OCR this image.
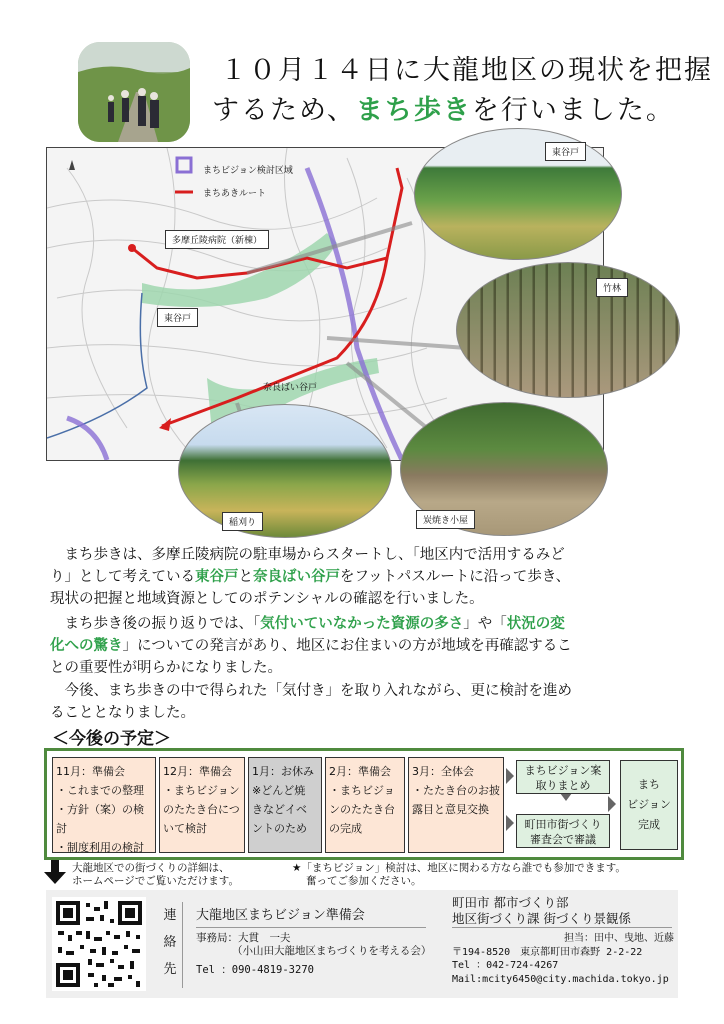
１０月１４日に大龍地区の現状を把握
するため、まち歩きを行いました。
まちビジョン検討区域
まちあきルート
多摩丘陵病院（新棟）
東谷戸
奈良ばい谷戸
東谷戸
竹林
稲刈り	炭焼き小屋
　まち歩きは、多摩丘陵病院の駐車場からスタートし、「地区内で活用するみど
り」として考えている東谷戸と奈良ばい谷戸をフットパスルートに沿って歩き、
現状の把握と地域資源としてのポテンシャルの確認を行いました。
　まち歩き後の振り返りでは、「気付いていなかった資源の多さ」や「状況の変
化への驚き」についての発言があり、地区にお住まいの方が地域を再確認するこ
との重要性が明らかになりました。
　今後、まち歩きの中で得られた「気付き」を取り入れながら、更に検討を進め
ることとなりました。
＜今後の予定＞
11月：準備会
・これまでの整理
・方針（案）の検討
・制度利用の検討
12月：準備会
・まちビジョン
のたたき台につ
いて検討
1月：お休み
※どんど焼
きなどイベ
ントのため
2月：準備会
・まちビジョ
ンのたたき台
の完成
3月：全体会
・たたき台のお披
露目と意見交換
まちビジョン案
取りまとめ
町田市街づくり
審査会で審議
まち
ビジョン
完成
大龍地区での街づくりの詳細は、
ホームページでご覧いただけます。
★「まちビジョン」検討は、地区に関わる方なら誰でも参加できます。
奮ってご参加ください。
連
絡
先
大龍地区まちビジョン準備会
事務局：大貫　一夫
（小山田大龍地区まちづくりを考える会）
Tel ：090-4819-3270
町田市 都市づくり部
地区街づくり課 街づくり景観係
担当：田中、曳地、近藤
〒194-8520　東京都町田市森野 2-2-22
Tel ：042-724-4267
Mail:mcity6450@city.machida.tokyo.jp
